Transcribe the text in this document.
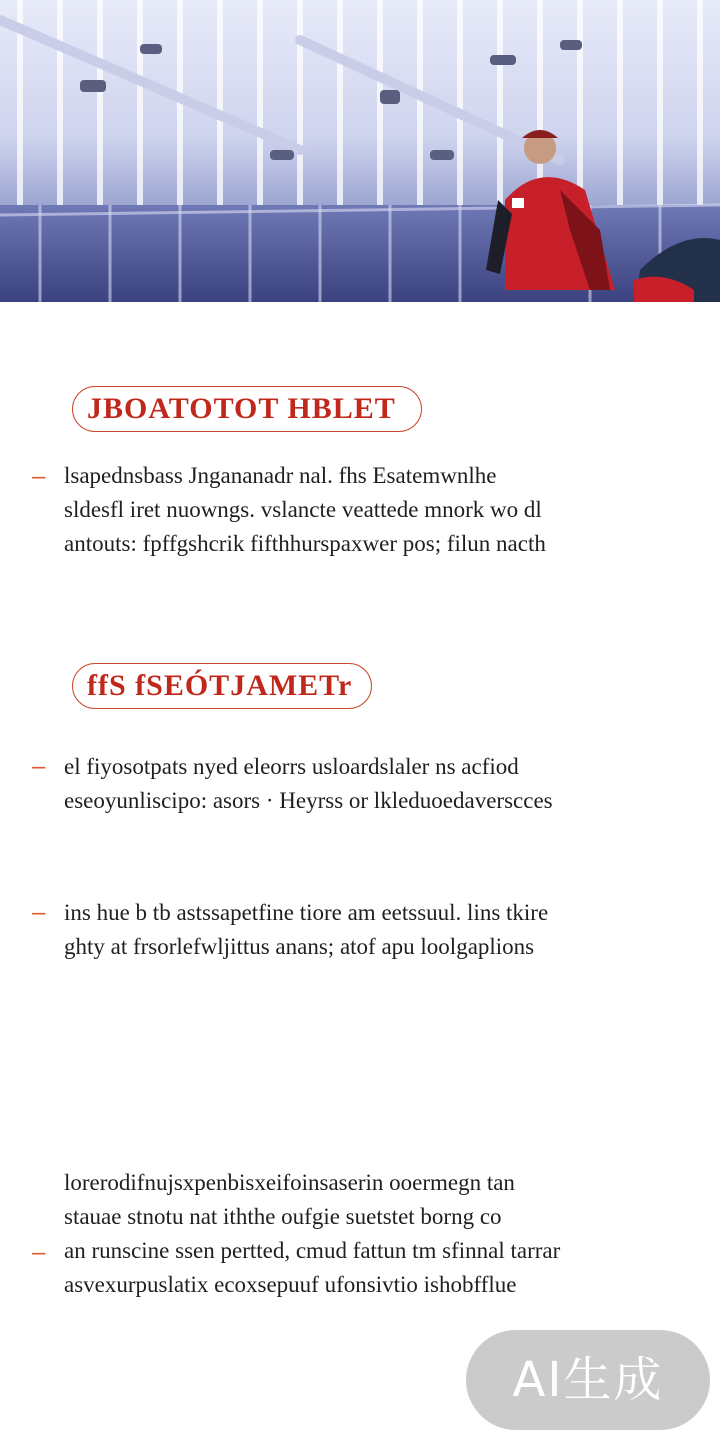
JBOATOTOT HBLET
– lsapednsbass Jngananadr nal. fhs Esatemwnlhe
sldesfl iret nuowngs. vslancte veattede mnork wo dl
antouts: fpffgshcrik fifthhurspaxwer pos; filun nacth
ffS fSEÓTJAMETr
– el fiyosotpats nyed eleorrs usloardslaler ns acfiod
eseoyunliscipo: asors · Heyrss or lkleduoedaverscces
– ins hue b tb astssapetfine tiore am eetssuul. lins tkire
ghty at frsorlefwljittus anans; atof apu loolgaplions
–
lorerodifnujsxpenbisxeifoinsaserin ooermegn tan
stauae stnotu nat iththe oufgie suetstet borng co
an runscine ssen pertted, cmud fattun tm sfinnal tarrar
asvexurpuslatix ecoxsepuuf ufonsivtio ishobfflue
AI生成
